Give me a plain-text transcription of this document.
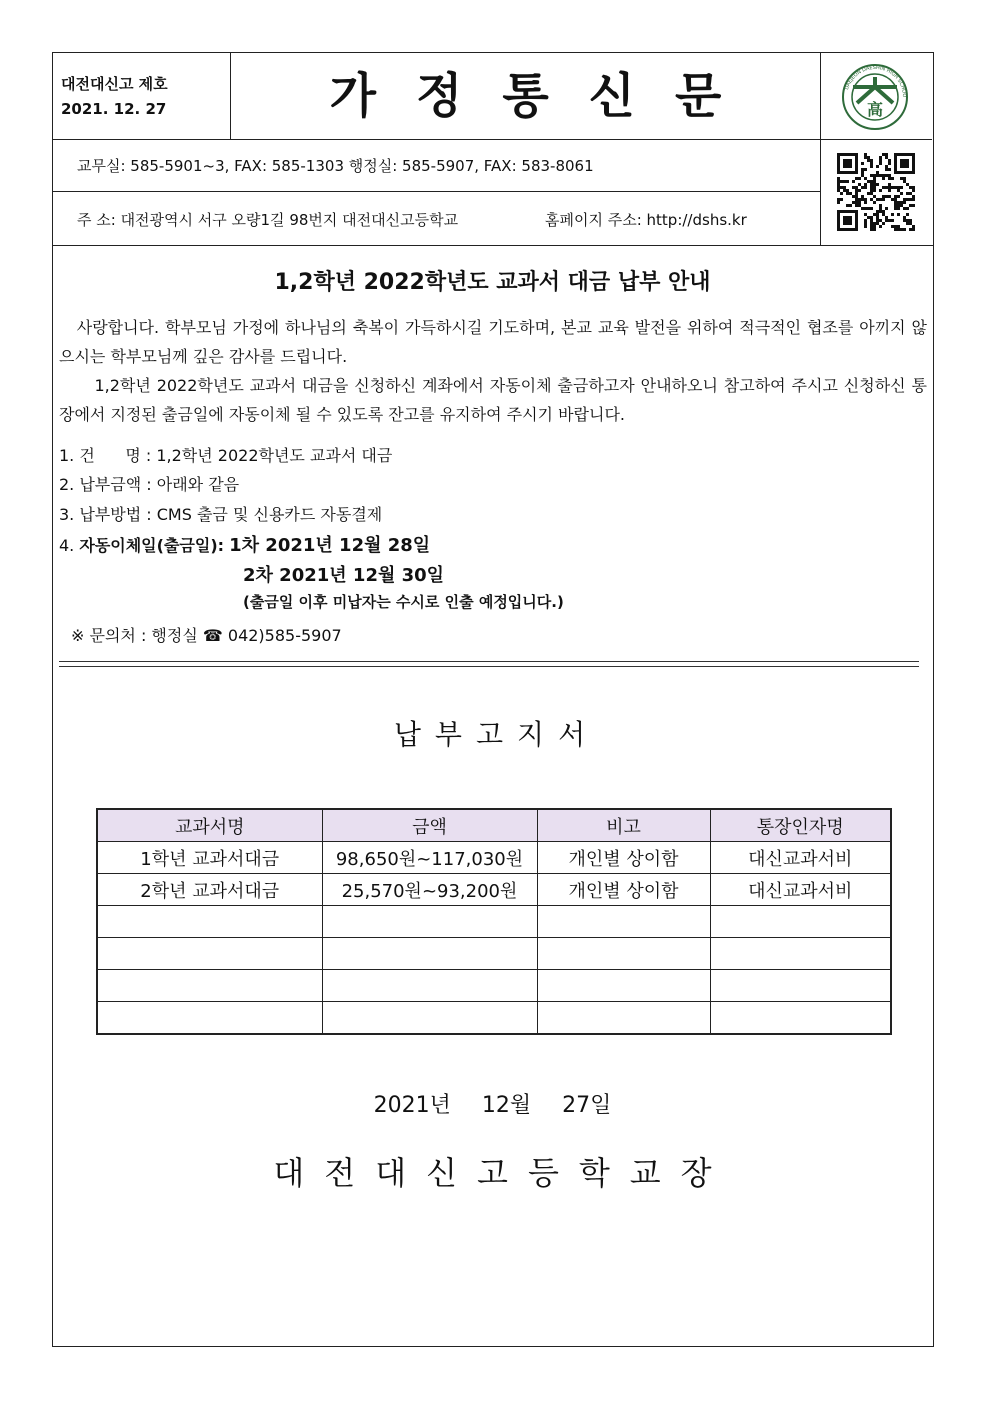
대전대신고 제호
2021. 12. 27	가정통신문	高
DAEJEON DAESHIN HIGH SCHOO
교무실: 585-5901~3, FAX: 585-1303 행정실: 585-5907, FAX: 583-8061
주 소: 대전광역시 서구 오량1길 98번지 대전대신고등학교	홈페이지 주소: http://dshs.kr
1,2학년 2022학년도 교과서 대금 납부 안내
사랑합니다. 학부모님 가정에 하나님의 축복이 가득하시길 기도하며, 본교 교육 발전을 위하여 적극적인 협조를 아끼지 않으시는 학부모님께 깊은 감사를 드립니다.
1,2학년 2022학년도 교과서 대금을 신청하신 계좌에서 자동이체 출금하고자 안내하오니 참고하여 주시고 신청하신 통장에서 지정된 출금일에 자동이체 될 수 있도록 잔고를 유지하여 주시기 바랍니다.
1. 건      명 : 1,2학년 2022학년도 교과서 대금
2. 납부금액 : 아래와 같음
3. 납부방법 : CMS 출금 및 신용카드 자동결제
4. 자동이체일(출금일): 1차 2021년 12월 28일
2차 2021년 12월 30일
(출금일 이후 미납자는 수시로 인출 예정입니다.)
※ 문의처 : 행정실 ☎ 042)585-5907
납부고지서
교과서명	금액	비고	통장인자명
1학년 교과서대금	98,650원~117,030원	개인별 상이함	대신교과서비
2학년 교과서대금	25,570원~93,200원	개인별 상이함	대신교과서비

2021년 12월 27일
대전대신고등학교장
